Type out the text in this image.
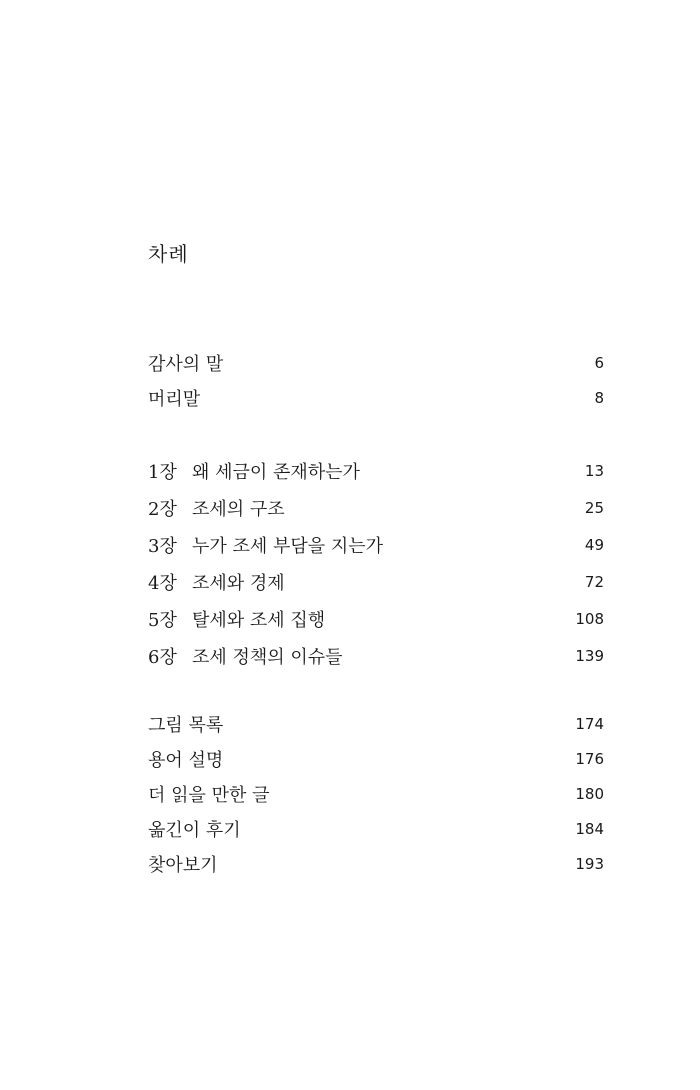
차례
감사의 말	6
머리말	8
1장 왜 세금이 존재하는가	13
2장 조세의 구조	25
3장 누가 조세 부담을 지는가	49
4장 조세와 경제	72
5장 탈세와 조세 집행	108
6장 조세 정책의 이슈들	139
그림 목록	174
용어 설명	176
더 읽을 만한 글	180
옮긴이 후기	184
찾아보기	193
